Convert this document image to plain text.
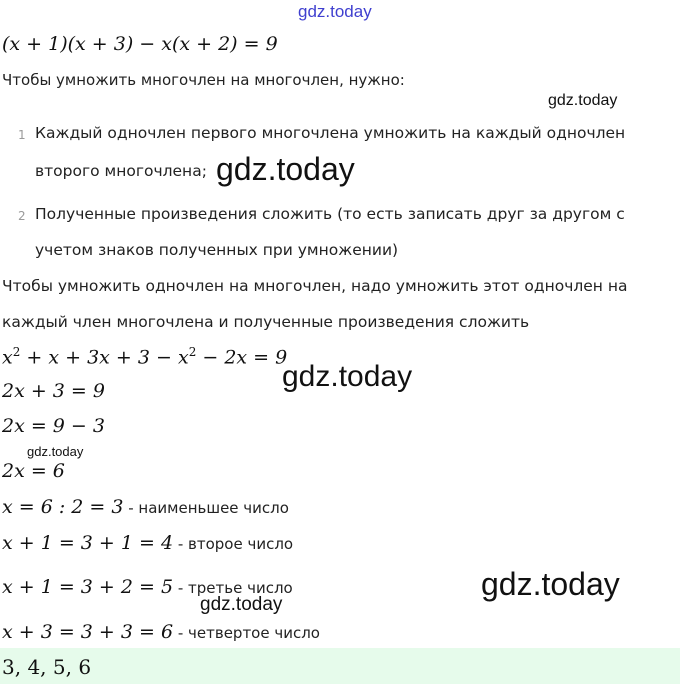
gdz.today
(x + 1)(x + 3) − x(x + 2) = 9
Чтобы умножить многочлен на многочлен, нужно:
gdz.today
1 Каждый одночлен первого многочлена умножить на каждый одночлен
второго многочлена; gdz.today
2 Полученные произведения сложить (то есть записать друг за другом с
учетом знаков полученных при умножении)
Чтобы умножить одночлен на многочлен, надо умножить этот одночлен на
каждый член многочлена и полученные произведения сложить
$x^2 + x + 3x + 3 - x^2 - 2x = 9$
gdz.today
2x + 3 = 9
2x = 9 − 3
gdz.today
2x = 6
x = 6 : 2 = 3 - наименьшее число
x + 1 = 3 + 1 = 4 - второе число
gdz.today
x + 1 = 3 + 2 = 5 - третье число
gdz.today
x + 3 = 3 + 3 = 6 - четвертое число
3, 4, 5, 6
